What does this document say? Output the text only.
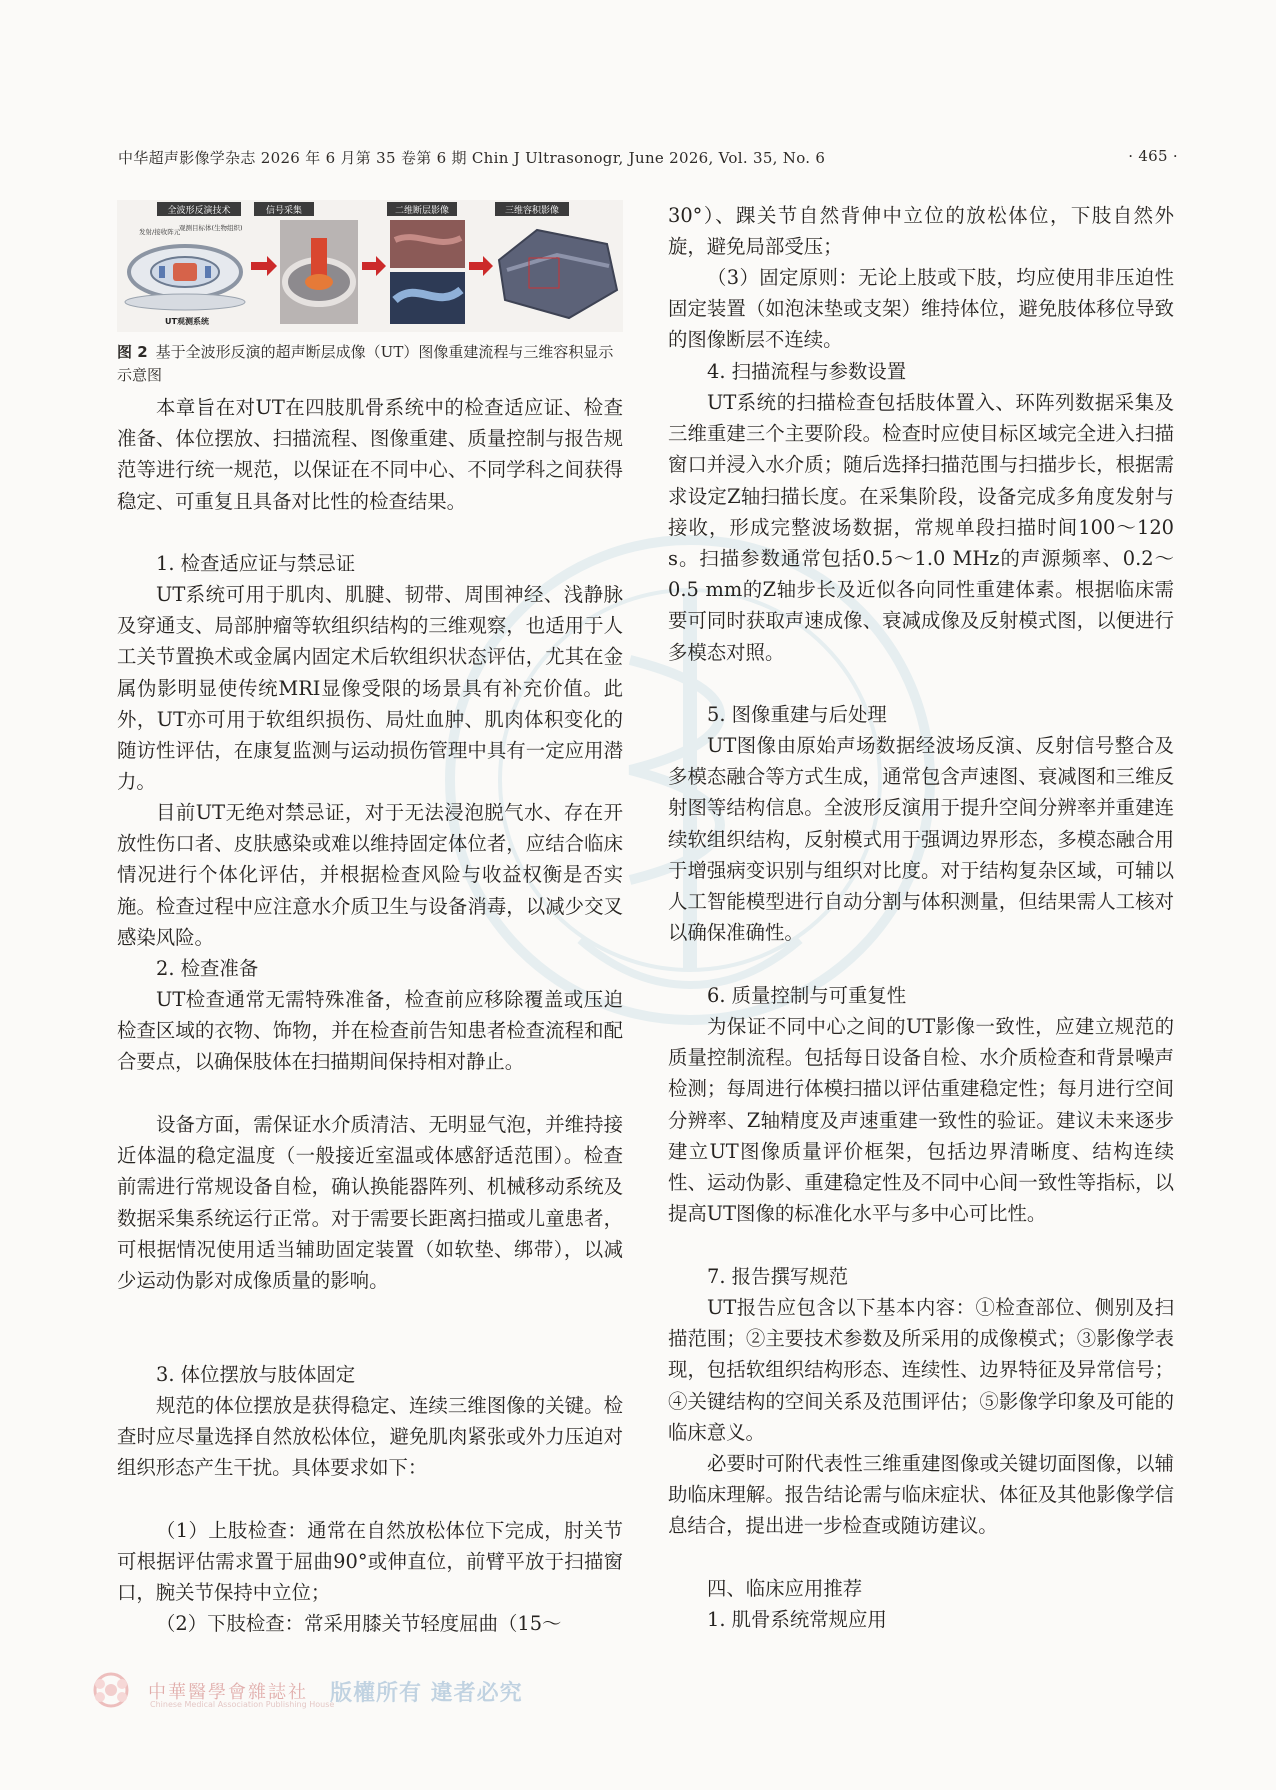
中华超声影像学杂志 2026 年 6 月第 35 卷第 6 期 Chin J Ultrasonogr, June 2026, Vol. 35, No. 6	· 465 ·
全波形反演技术
发射/接收阵元
观测目标体(生物组织)
UT观测系统
信号采集	二维断层影像	三维容积影像
图 2 基于全波形反演的超声断层成像（UT）图像重建流程与三维容积显示示意图
本章旨在对UT在四肢肌骨系统中的检查适应证、检查准备、体位摆放、扫描流程、图像重建、质量控制与报告规范等进行统一规范，以保证在不同中心、不同学科之间获得稳定、可重复且具备对比性的检查结果。
1. 检查适应证与禁忌证
UT系统可用于肌肉、肌腱、韧带、周围神经、浅静脉及穿通支、局部肿瘤等软组织结构的三维观察，也适用于人工关节置换术或金属内固定术后软组织状态评估，尤其在金属伪影明显使传统MRI显像受限的场景具有补充价值。此外，UT亦可用于软组织损伤、局灶血肿、肌肉体积变化的随访性评估，在康复监测与运动损伤管理中具有一定应用潜力。
目前UT无绝对禁忌证，对于无法浸泡脱气水、存在开放性伤口者、皮肤感染或难以维持固定体位者，应结合临床情况进行个体化评估，并根据检查风险与收益权衡是否实施。检查过程中应注意水介质卫生与设备消毒，以减少交叉感染风险。
2. 检查准备
UT检查通常无需特殊准备，检查前应移除覆盖或压迫检查区域的衣物、饰物，并在检查前告知患者检查流程和配合要点，以确保肢体在扫描期间保持相对静止。
设备方面，需保证水介质清洁、无明显气泡，并维持接近体温的稳定温度（一般接近室温或体感舒适范围）。检查前需进行常规设备自检，确认换能器阵列、机械移动系统及数据采集系统运行正常。对于需要长距离扫描或儿童患者，可根据情况使用适当辅助固定装置（如软垫、绑带），以减少运动伪影对成像质量的影响。
3. 体位摆放与肢体固定
规范的体位摆放是获得稳定、连续三维图像的关键。检查时应尽量选择自然放松体位，避免肌肉紧张或外力压迫对组织形态产生干扰。具体要求如下：
（1）上肢检查：通常在自然放松体位下完成，肘关节可根据评估需求置于屈曲90°或伸直位，前臂平放于扫描窗口，腕关节保持中立位；
（2）下肢检查：常采用膝关节轻度屈曲（15～
30°）、踝关节自然背伸中立位的放松体位，下肢自然外旋，避免局部受压；
（3）固定原则：无论上肢或下肢，均应使用非压迫性固定装置（如泡沫垫或支架）维持体位，避免肢体移位导致的图像断层不连续。
4. 扫描流程与参数设置
UT系统的扫描检查包括肢体置入、环阵列数据采集及三维重建三个主要阶段。检查时应使目标区域完全进入扫描窗口并浸入水介质；随后选择扫描范围与扫描步长，根据需求设定Z轴扫描长度。在采集阶段，设备完成多角度发射与接收，形成完整波场数据，常规单段扫描时间100～120 s。扫描参数通常包括0.5～1.0 MHz的声源频率、0.2～0.5 mm的Z轴步长及近似各向同性重建体素。根据临床需要可同时获取声速成像、衰减成像及反射模式图，以便进行多模态对照。
5. 图像重建与后处理
UT图像由原始声场数据经波场反演、反射信号整合及多模态融合等方式生成，通常包含声速图、衰减图和三维反射图等结构信息。全波形反演用于提升空间分辨率并重建连续软组织结构，反射模式用于强调边界形态，多模态融合用于增强病变识别与组织对比度。对于结构复杂区域，可辅以人工智能模型进行自动分割与体积测量，但结果需人工核对以确保准确性。
6. 质量控制与可重复性
为保证不同中心之间的UT影像一致性，应建立规范的质量控制流程。包括每日设备自检、水介质检查和背景噪声检测；每周进行体模扫描以评估重建稳定性；每月进行空间分辨率、Z轴精度及声速重建一致性的验证。建议未来逐步建立UT图像质量评价框架，包括边界清晰度、结构连续性、运动伪影、重建稳定性及不同中心间一致性等指标，以提高UT图像的标准化水平与多中心可比性。
7. 报告撰写规范
UT报告应包含以下基本内容：①检查部位、侧别及扫描范围；②主要技术参数及所采用的成像模式；③影像学表现，包括软组织结构形态、连续性、边界特征及异常信号；④关键结构的空间关系及范围评估；⑤影像学印象及可能的临床意义。
必要时可附代表性三维重建图像或关键切面图像，以辅助临床理解。报告结论需与临床症状、体征及其他影像学信息结合，提出进一步检查或随访建议。
四、临床应用推荐
1. 肌骨系统常规应用
中華醫學會雜誌社
Chinese Medical Association Publishing House
版權所有 違者必究
